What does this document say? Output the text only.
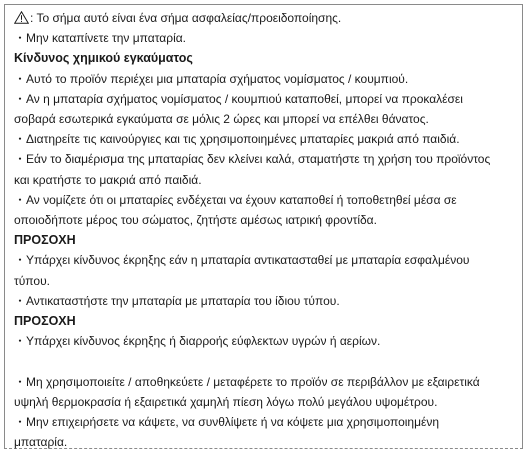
: Το σήμα αυτό είναι ένα σήμα ασφαλείας/προειδοποίησης.
・Μην καταπίνετε την μπαταρία.
Κίνδυνος χημικού εγκαύματος
・Αυτό το προϊόν περιέχει μια μπαταρία σχήματος νομίσματος / κουμπιού.
・Αν η μπαταρία σχήματος νομίσματος / κουμπιού καταποθεί, μπορεί να προκαλέσει
σοβαρά εσωτερικά εγκαύματα σε μόλις 2 ώρες και μπορεί να επέλθει θάνατος.
・Διατηρείτε τις καινούργιες και τις χρησιμοποιημένες μπαταρίες μακριά από παιδιά.
・Εάν το διαμέρισμα της μπαταρίας δεν κλείνει καλά, σταματήστε τη χρήση του προϊόντος
και κρατήστε το μακριά από παιδιά.
・Αν νομίζετε ότι οι μπαταρίες ενδέχεται να έχουν καταποθεί ή τοποθετηθεί μέσα σε
οποιοδήποτε μέρος του σώματος, ζητήστε αμέσως ιατρική φροντίδα.
ΠΡΟΣΟΧΗ
・Υπάρχει κίνδυνος έκρηξης εάν η μπαταρία αντικατασταθεί με μπαταρία εσφαλμένου
τύπου.
・Αντικαταστήστε την μπαταρία με μπαταρία του ίδιου τύπου.
ΠΡΟΣΟΧΗ
・Υπάρχει κίνδυνος έκρηξης ή διαρροής εύφλεκτων υγρών ή αερίων.
・Μη χρησιμοποιείτε / αποθηκεύετε / μεταφέρετε το προϊόν σε περιβάλλον με εξαιρετικά
υψηλή θερμοκρασία ή εξαιρετικά χαμηλή πίεση λόγω πολύ μεγάλου υψομέτρου.
・Μην επιχειρήσετε να κάψετε, να συνθλίψετε ή να κόψετε μια χρησιμοποιημένη
μπαταρία.
